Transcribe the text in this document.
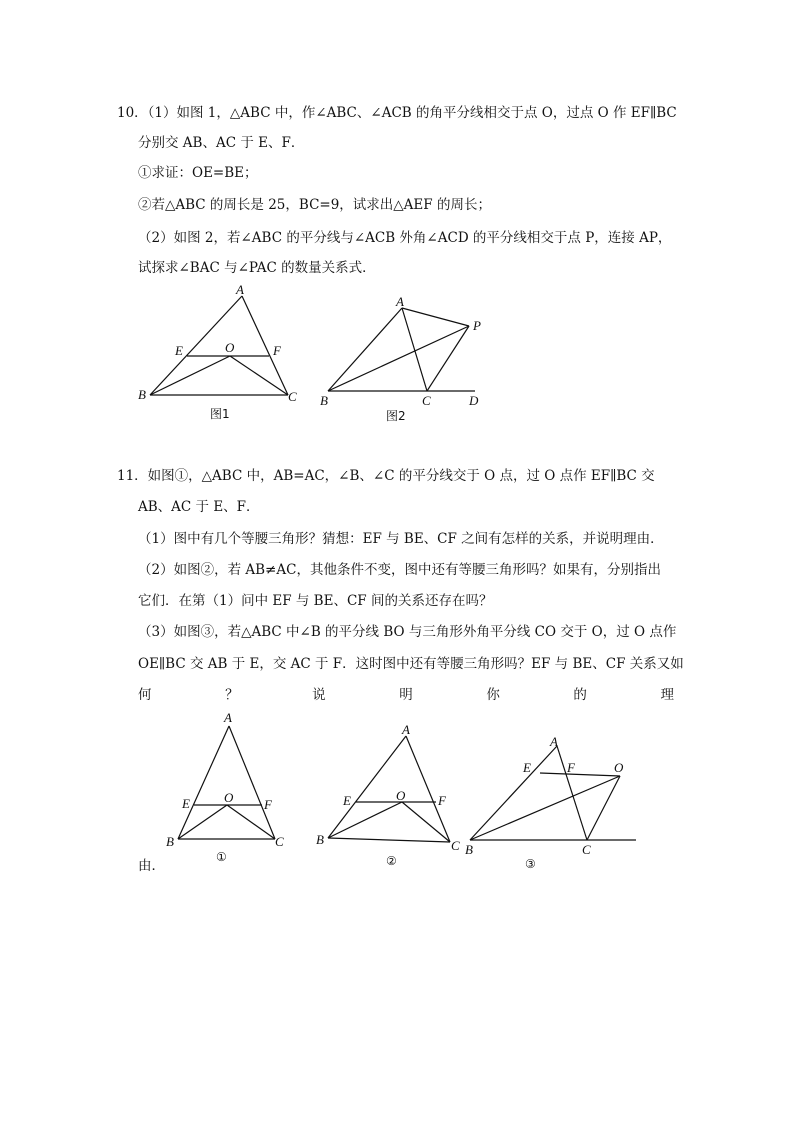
10．（1）如图 1，△ABC 中，作∠ABC、∠ACB 的角平分线相交于点 O，过点 O 作 EF∥BC
分别交 AB、AC 于 E、F．
①求证：OE=BE；
②若△ABC 的周长是 25，BC=9，试求出△AEF 的周长；
（2）如图 2，若∠ABC 的平分线与∠ACB 外角∠ACD 的平分线相交于点 P，连接 AP，
试探求∠BAC 与∠PAC 的数量关系式．
A
B	C
E	O	F
图1
A
P
B	C	D
图2
11．如图①，△ABC 中，AB=AC，∠B、∠C 的平分线交于 O 点，过 O 点作 EF∥BC 交
AB、AC 于 E、F．
（1）图中有几个等腰三角形？猜想：EF 与 BE、CF 之间有怎样的关系，并说明理由．
（2）如图②，若 AB≠AC，其他条件不变，图中还有等腰三角形吗？如果有，分别指出
它们．在第（1）问中 EF 与 BE、CF 间的关系还存在吗？
（3）如图③，若△ABC 中∠B 的平分线 BO 与三角形外角平分线 CO 交于 O，过 O 点作
OE∥BC 交 AB 于 E，交 AC 于 F．这时图中还有等腰三角形吗？EF 与 BE、CF 关系又如
何	？	说	明	你	的	理
由．
A
E	O F
B	C
①
A
E	O	F
B	C
②
A
E	F	O
B	C
③
